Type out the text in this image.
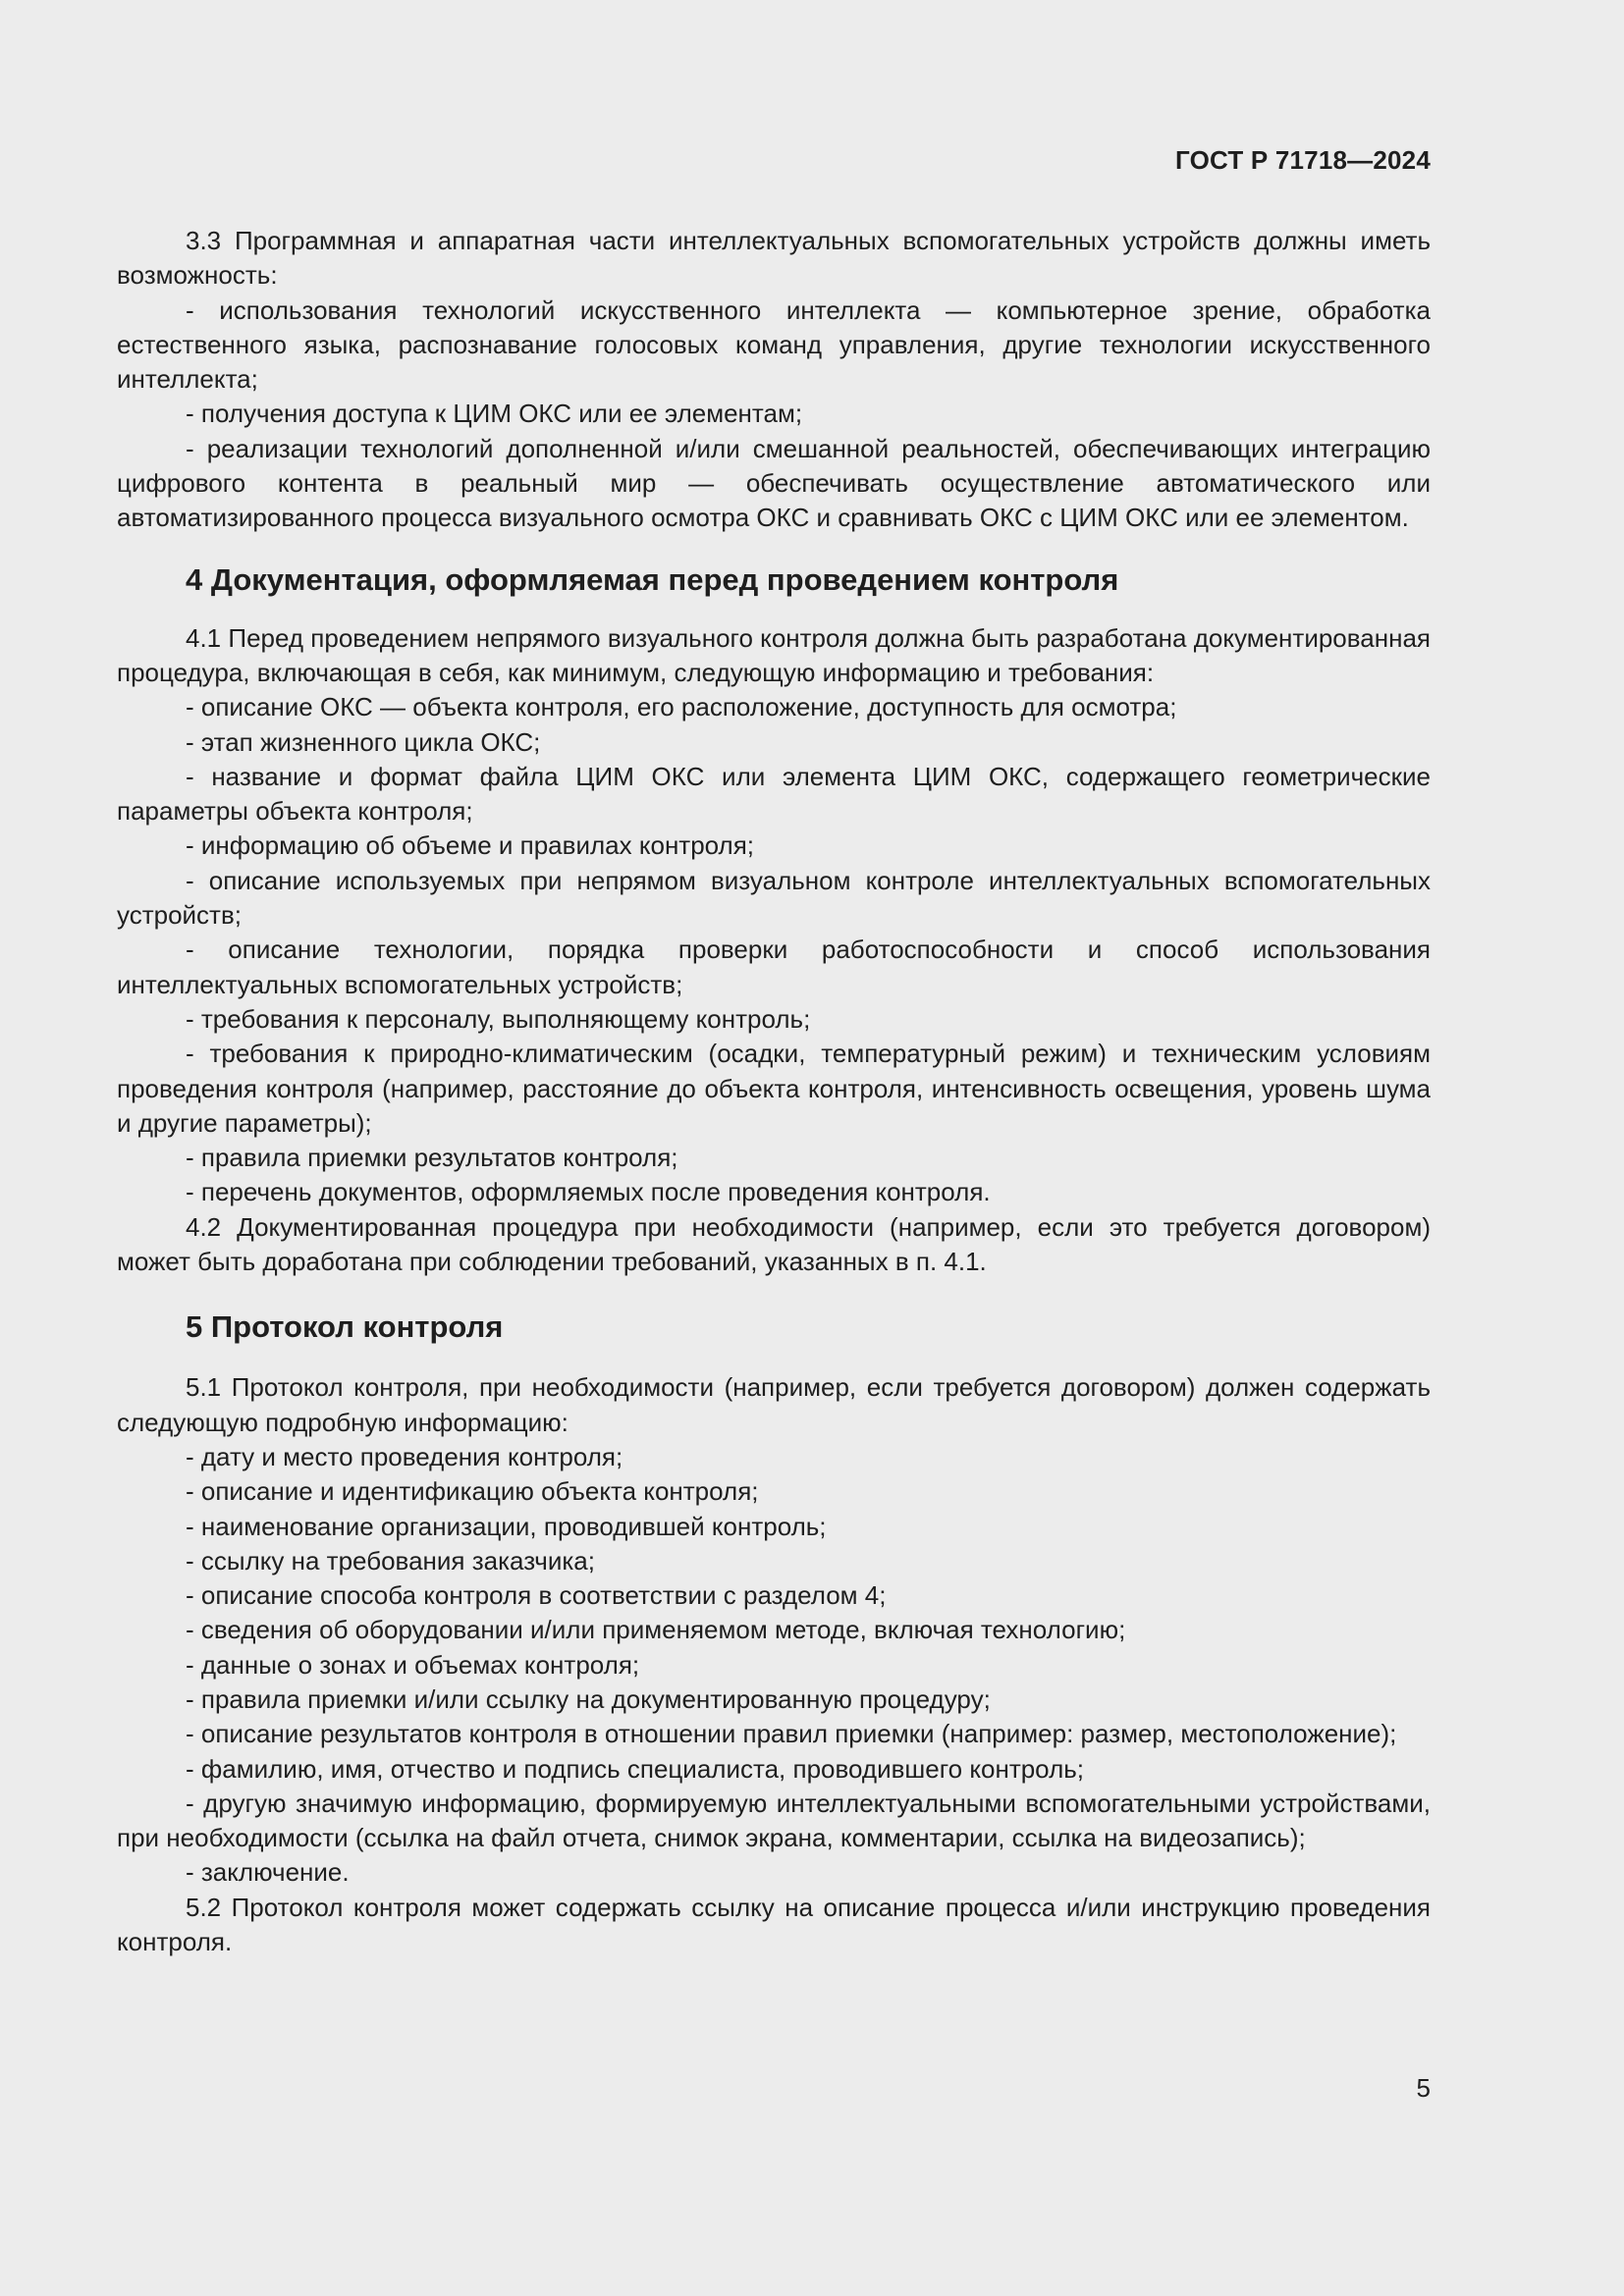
ГОСТ Р 71718—2024

3.3 Программная и аппаратная части интеллектуальных вспомогательных устройств должны иметь возможность:

- использования технологий искусственного интеллекта — компьютерное зрение, обработка естественного языка, распознавание голосовых команд управления, другие технологии искусственного интеллекта;

- получения доступа к ЦИМ ОКС или ее элементам;

- реализации технологий дополненной и/или смешанной реальностей, обеспечивающих интеграцию цифрового контента в реальный мир — обеспечивать осуществление автоматического или автоматизированного процесса визуального осмотра ОКС и сравнивать ОКС с ЦИМ ОКС или ее элементом.

4 Документация, оформляемая перед проведением контроля

4.1 Перед проведением непрямого визуального контроля должна быть разработана документированная процедура, включающая в себя, как минимум, следующую информацию и требования:

- описание ОКС — объекта контроля, его расположение, доступность для осмотра;

- этап жизненного цикла ОКС;

- название и формат файла ЦИМ ОКС или элемента ЦИМ ОКС, содержащего геометрические параметры объекта контроля;

- информацию об объеме и правилах контроля;

- описание используемых при непрямом визуальном контроле интеллектуальных вспомогательных устройств;

- описание технологии, порядка проверки работоспособности и способ использования интеллектуальных вспомогательных устройств;

- требования к персоналу, выполняющему контроль;

- требования к природно-климатическим (осадки, температурный режим) и техническим условиям проведения контроля (например, расстояние до объекта контроля, интенсивность освещения, уровень шума и другие параметры);

- правила приемки результатов контроля;

- перечень документов, оформляемых после проведения контроля.

4.2 Документированная процедура при необходимости (например, если это требуется договором) может быть доработана при соблюдении требований, указанных в п. 4.1.

5 Протокол контроля

5.1 Протокол контроля, при необходимости (например, если требуется договором) должен содержать следующую подробную информацию:

- дату и место проведения контроля;

- описание и идентификацию объекта контроля;

- наименование организации, проводившей контроль;

- ссылку на требования заказчика;

- описание способа контроля в соответствии с разделом 4;

- сведения об оборудовании и/или применяемом методе, включая технологию;

- данные о зонах и объемах контроля;

- правила приемки и/или ссылку на документированную процедуру;

- описание результатов контроля в отношении правил приемки (например: размер, местоположение);

- фамилию, имя, отчество и подпись специалиста, проводившего контроль;

- другую значимую информацию, формируемую интеллектуальными вспомогательными устройствами, при необходимости (ссылка на файл отчета, снимок экрана, комментарии, ссылка на видеозапись);

- заключение.

5.2 Протокол контроля может содержать ссылку на описание процесса и/или инструкцию проведения контроля.

5
